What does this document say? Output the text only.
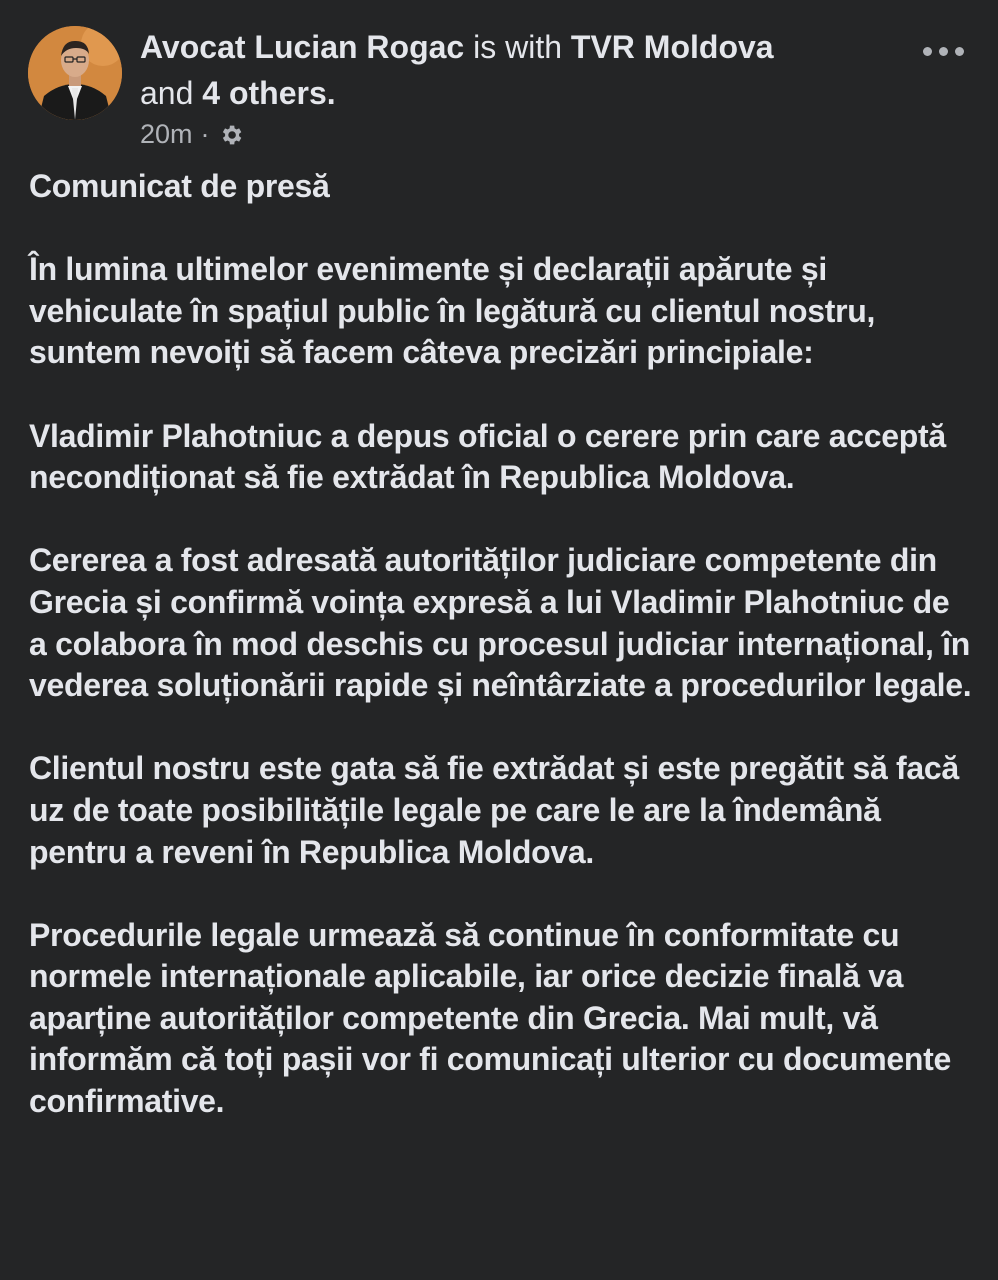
Avocat Lucian Rogac is with TVR Moldova
and 4 others.
20m ·

Comunicat de presă

În lumina ultimelor evenimente și declarații apărute și vehiculate în spațiul public în legătură cu clientul nostru, suntem nevoiți să facem câteva precizări principiale:

Vladimir Plahotniuc a depus oficial o cerere prin care acceptă necondiționat să fie extrădat în Republica Moldova.

Cererea a fost adresată autorităților judiciare competente din Grecia și confirmă voința expresă a lui Vladimir Plahotniuc de a colabora în mod deschis cu procesul judiciar internațional, în vederea soluționării rapide și neîntârziate a procedurilor legale.

Clientul nostru este gata să fie extrădat și este pregătit să facă uz de toate posibilitățile legale pe care le are la îndemână pentru a reveni în Republica Moldova.

Procedurile legale urmează să continue în conformitate cu normele internaționale aplicabile, iar orice decizie finală va aparține autorităților competente din Grecia. Mai mult, vă informăm că toți pașii vor fi comunicați ulterior cu documente confirmative.
